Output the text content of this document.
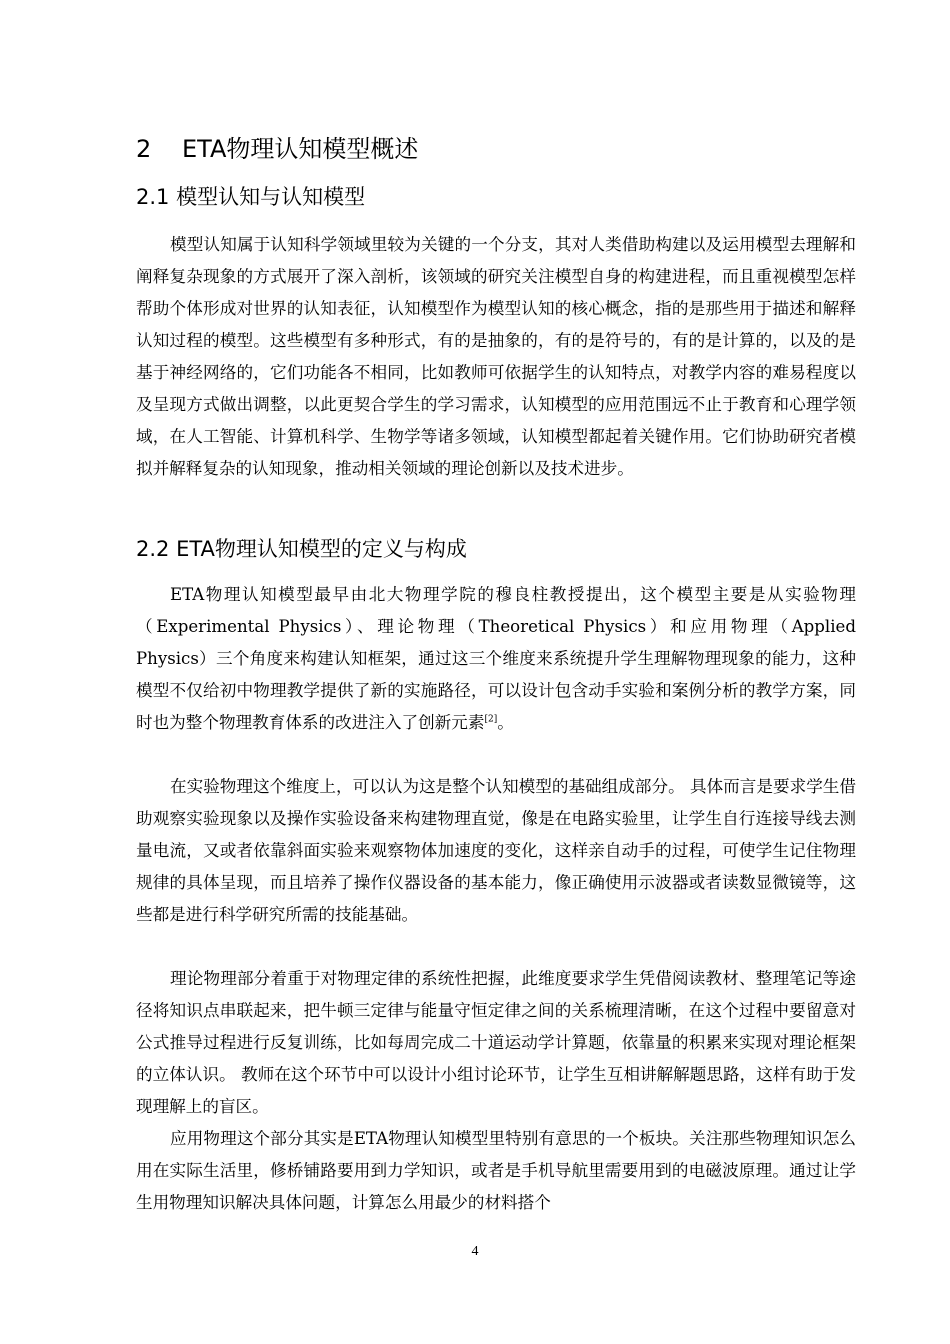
2 ETA物理认知模型概述
2.1 模型认知与认知模型
模型认知属于认知科学领域里较为关键的一个分支，其对人类借助构建以及运用模型去理解和阐释复杂现象的方式展开了深入剖析，该领域的研究关注模型自身的构建进程，而且重视模型怎样帮助个体形成对世界的认知表征，认知模型作为模型认知的核心概念，指的是那些用于描述和解释认知过程的模型。这些模型有多种形式，有的是抽象的，有的是符号的，有的是计算的，以及的是基于神经网络的，它们功能各不相同，比如教师可依据学生的认知特点，对教学内容的难易程度以及呈现方式做出调整，以此更契合学生的学习需求，认知模型的应用范围远不止于教育和心理学领域，在人工智能、计算机科学、生物学等诸多领域，认知模型都起着关键作用。它们协助研究者模拟并解释复杂的认知现象，推动相关领域的理论创新以及技术进步。
2.2 ETA物理认知模型的定义与构成
ETA物理认知模型最早由北大物理学院的穆良柱教授提出，这个模型主要是从实验物理（Experimental Physics）、理论物理（Theoretical Physics）和应用物理（Applied Physics）三个角度来构建认知框架，通过这三个维度来系统提升学生理解物理现象的能力，这种模型不仅给初中物理教学提供了新的实施路径，可以设计包含动手实验和案例分析的教学方案，同时也为整个物理教育体系的改进注入了创新元素[2]。
在实验物理这个维度上，可以认为这是整个认知模型的基础组成部分。 具体而言是要求学生借助观察实验现象以及操作实验设备来构建物理直觉，像是在电路实验里，让学生自行连接导线去测量电流，又或者依靠斜面实验来观察物体加速度的变化，这样亲自动手的过程，可使学生记住物理规律的具体呈现，而且培养了操作仪器设备的基本能力，像正确使用示波器或者读数显微镜等，这些都是进行科学研究所需的技能基础。
理论物理部分着重于对物理定律的系统性把握，此维度要求学生凭借阅读教材、整理笔记等途径将知识点串联起来，把牛顿三定律与能量守恒定律之间的关系梳理清晰，在这个过程中要留意对公式推导过程进行反复训练，比如每周完成二十道运动学计算题，依靠量的积累来实现对理论框架的立体认识。 教师在这个环节中可以设计小组讨论环节，让学生互相讲解解题思路，这样有助于发现理解上的盲区。
应用物理这个部分其实是ETA物理认知模型里特别有意思的一个板块。关注那些物理知识怎么用在实际生活里，修桥铺路要用到力学知识，或者是手机导航里需要用到的电磁波原理。通过让学生用物理知识解决具体问题，计算怎么用最少的材料搭个
4
